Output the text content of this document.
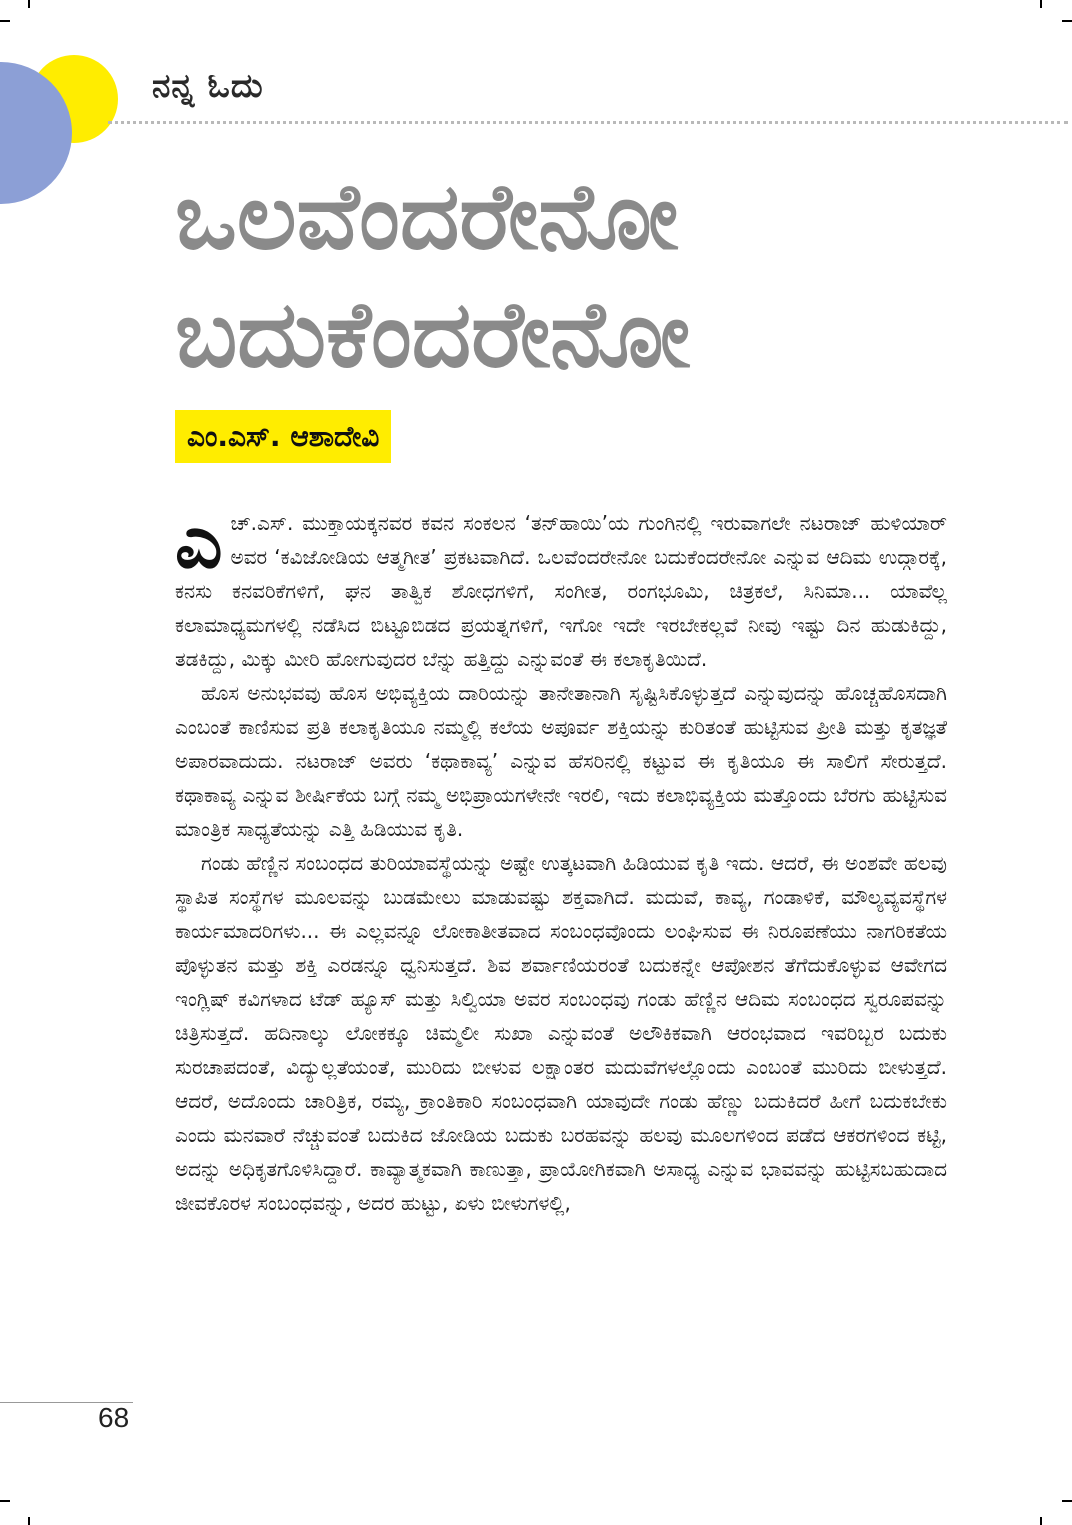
ನನ್ನ ಓದು
ಒಲವೆಂದರೇನೋ
ಬದುಕೆಂದರೇನೋ
ಎಂ.ಎಸ್. ಆಶಾದೇವಿ

ಎಚ್.ಎಸ್. ಮುಕ್ತಾಯಕ್ಕನವರ ಕವನ ಸಂಕಲನ ‘ತನ್‌ಹಾಯಿ’ಯ ಗುಂಗಿನಲ್ಲಿ ಇರುವಾಗಲೇ ನಟರಾಜ್ ಹುಳಿಯಾರ್ ಅವರ ‘ಕವಿಜೋಡಿಯ ಆತ್ಮಗೀತ’ ಪ್ರಕಟವಾಗಿದೆ. ಒಲವೆಂದರೇನೋ ಬದುಕೆಂದರೇನೋ ಎನ್ನುವ ಆದಿಮ ಉದ್ಗಾರಕ್ಕೆ, ಕನಸು ಕನವರಿಕೆಗಳಿಗೆ, ಘನ ತಾತ್ವಿಕ ಶೋಧಗಳಿಗೆ, ಸಂಗೀತ, ರಂಗಭೂಮಿ, ಚಿತ್ರಕಲೆ, ಸಿನಿಮಾ... ಯಾವೆಲ್ಲ ಕಲಾಮಾಧ್ಯಮಗಳಲ್ಲಿ ನಡೆಸಿದ ಬಿಟ್ಟೂಬಿಡದ ಪ್ರಯತ್ನಗಳಿಗೆ, ಇಗೋ ಇದೇ ಇರಬೇಕಲ್ಲವೆ ನೀವು ಇಷ್ಟು ದಿನ ಹುಡುಕಿದ್ದು, ತಡಕಿದ್ದು, ಮಿಕ್ಕು ಮೀರಿ ಹೋಗುವುದರ ಬೆನ್ನು ಹತ್ತಿದ್ದು ಎನ್ನುವಂತೆ ಈ ಕಲಾಕೃತಿಯಿದೆ.

ಹೊಸ ಅನುಭವವು ಹೊಸ ಅಭಿವ್ಯಕ್ತಿಯ ದಾರಿಯನ್ನು ತಾನೇತಾನಾಗಿ ಸೃಷ್ಟಿಸಿಕೊಳ್ಳುತ್ತದೆ ಎನ್ನುವುದನ್ನು ಹೊಚ್ಚಹೊಸದಾಗಿ ಎಂಬಂತೆ ಕಾಣಿಸುವ ಪ್ರತಿ ಕಲಾಕೃತಿಯೂ ನಮ್ಮಲ್ಲಿ ಕಲೆಯ ಅಪೂರ್ವ ಶಕ್ತಿಯನ್ನು ಕುರಿತಂತೆ ಹುಟ್ಟಿಸುವ ಪ್ರೀತಿ ಮತ್ತು ಕೃತಜ್ಞತೆ ಅಪಾರವಾದುದು. ನಟರಾಜ್ ಅವರು ‘ಕಥಾಕಾವ್ಯ’ ಎನ್ನುವ ಹೆಸರಿನಲ್ಲಿ ಕಟ್ಟುವ ಈ ಕೃತಿಯೂ ಈ ಸಾಲಿಗೆ ಸೇರುತ್ತದೆ. ಕಥಾಕಾವ್ಯ ಎನ್ನುವ ಶೀರ್ಷಿಕೆಯ ಬಗ್ಗೆ ನಮ್ಮ ಅಭಿಪ್ರಾಯಗಳೇನೇ ಇರಲಿ, ಇದು ಕಲಾಭಿವ್ಯಕ್ತಿಯ ಮತ್ತೊಂದು ಬೆರಗು ಹುಟ್ಟಿಸುವ ಮಾಂತ್ರಿಕ ಸಾಧ್ಯತೆಯನ್ನು ಎತ್ತಿ ಹಿಡಿಯುವ ಕೃತಿ.

ಗಂಡು ಹೆಣ್ಣಿನ ಸಂಬಂಧದ ತುರಿಯಾವಸ್ಥೆಯನ್ನು ಅಷ್ಟೇ ಉತ್ಕಟವಾಗಿ ಹಿಡಿಯುವ ಕೃತಿ ಇದು. ಆದರೆ, ಈ ಅಂಶವೇ ಹಲವು ಸ್ಥಾಪಿತ ಸಂಸ್ಥೆಗಳ ಮೂಲವನ್ನು ಬುಡಮೇಲು ಮಾಡುವಷ್ಟು ಶಕ್ತವಾಗಿದೆ. ಮದುವೆ, ಕಾವ್ಯ, ಗಂಡಾಳಿಕೆ, ಮೌಲ್ಯವ್ಯವಸ್ಥೆಗಳ ಕಾರ್ಯಮಾದರಿಗಳು... ಈ ಎಲ್ಲವನ್ನೂ ಲೋಕಾತೀತವಾದ ಸಂಬಂಧವೊಂದು ಲಂಘಿಸುವ ಈ ನಿರೂಪಣೆಯು ನಾಗರಿಕತೆಯ ಪೊಳ್ಳುತನ ಮತ್ತು ಶಕ್ತಿ ಎರಡನ್ನೂ ಧ್ವನಿಸುತ್ತದೆ. ಶಿವ ಶರ್ವಾಣಿಯರಂತೆ ಬದುಕನ್ನೇ ಆಪೋಶನ ತೆಗೆದುಕೊಳ್ಳುವ ಆವೇಗದ ಇಂಗ್ಲಿಷ್ ಕವಿಗಳಾದ ಟೆಡ್ ಹ್ಯೂಸ್ ಮತ್ತು ಸಿಲ್ವಿಯಾ ಅವರ ಸಂಬಂಧವು ಗಂಡು ಹೆಣ್ಣಿನ ಆದಿಮ ಸಂಬಂಧದ ಸ್ವರೂಪವನ್ನು ಚಿತ್ರಿಸುತ್ತದೆ. ಹದಿನಾಲ್ಕು ಲೋಕಕ್ಕೂ ಚಿಮ್ಮಲೀ ಸುಖಾ ಎನ್ನುವಂತೆ ಅಲೌಕಿಕವಾಗಿ ಆರಂಭವಾದ ಇವರಿಬ್ಬರ ಬದುಕು ಸುರಚಾಪದಂತೆ, ವಿದ್ಯುಲ್ಲತೆಯಂತೆ, ಮುರಿದು ಬೀಳುವ ಲಕ್ಷಾಂತರ ಮದುವೆಗಳಲ್ಲೊಂದು ಎಂಬಂತೆ ಮುರಿದು ಬೀಳುತ್ತದೆ. ಆದರೆ, ಅದೊಂದು ಚಾರಿತ್ರಿಕ, ರಮ್ಯ, ಕ್ರಾಂತಿಕಾರಿ ಸಂಬಂಧವಾಗಿ ಯಾವುದೇ ಗಂಡು ಹೆಣ್ಣು ಬದುಕಿದರೆ ಹೀಗೆ ಬದುಕಬೇಕು ಎಂದು ಮನವಾರೆ ನೆಚ್ಚುವಂತೆ ಬದುಕಿದ ಜೋಡಿಯ ಬದುಕು ಬರಹವನ್ನು ಹಲವು ಮೂಲಗಳಿಂದ ಪಡೆದ ಆಕರಗಳಿಂದ ಕಟ್ಟಿ, ಅದನ್ನು ಅಧಿಕೃತಗೊಳಿಸಿದ್ದಾರೆ. ಕಾವ್ಯಾತ್ಮಕವಾಗಿ ಕಾಣುತ್ತಾ, ಪ್ರಾಯೋಗಿಕವಾಗಿ ಅಸಾಧ್ಯ ಎನ್ನುವ ಭಾವವನ್ನು ಹುಟ್ಟಿಸಬಹುದಾದ ಜೀವಕೊರಳ ಸಂಬಂಧವನ್ನು, ಅದರ ಹುಟ್ಟು, ಏಳು ಬೀಳುಗಳಲ್ಲಿ,

68
